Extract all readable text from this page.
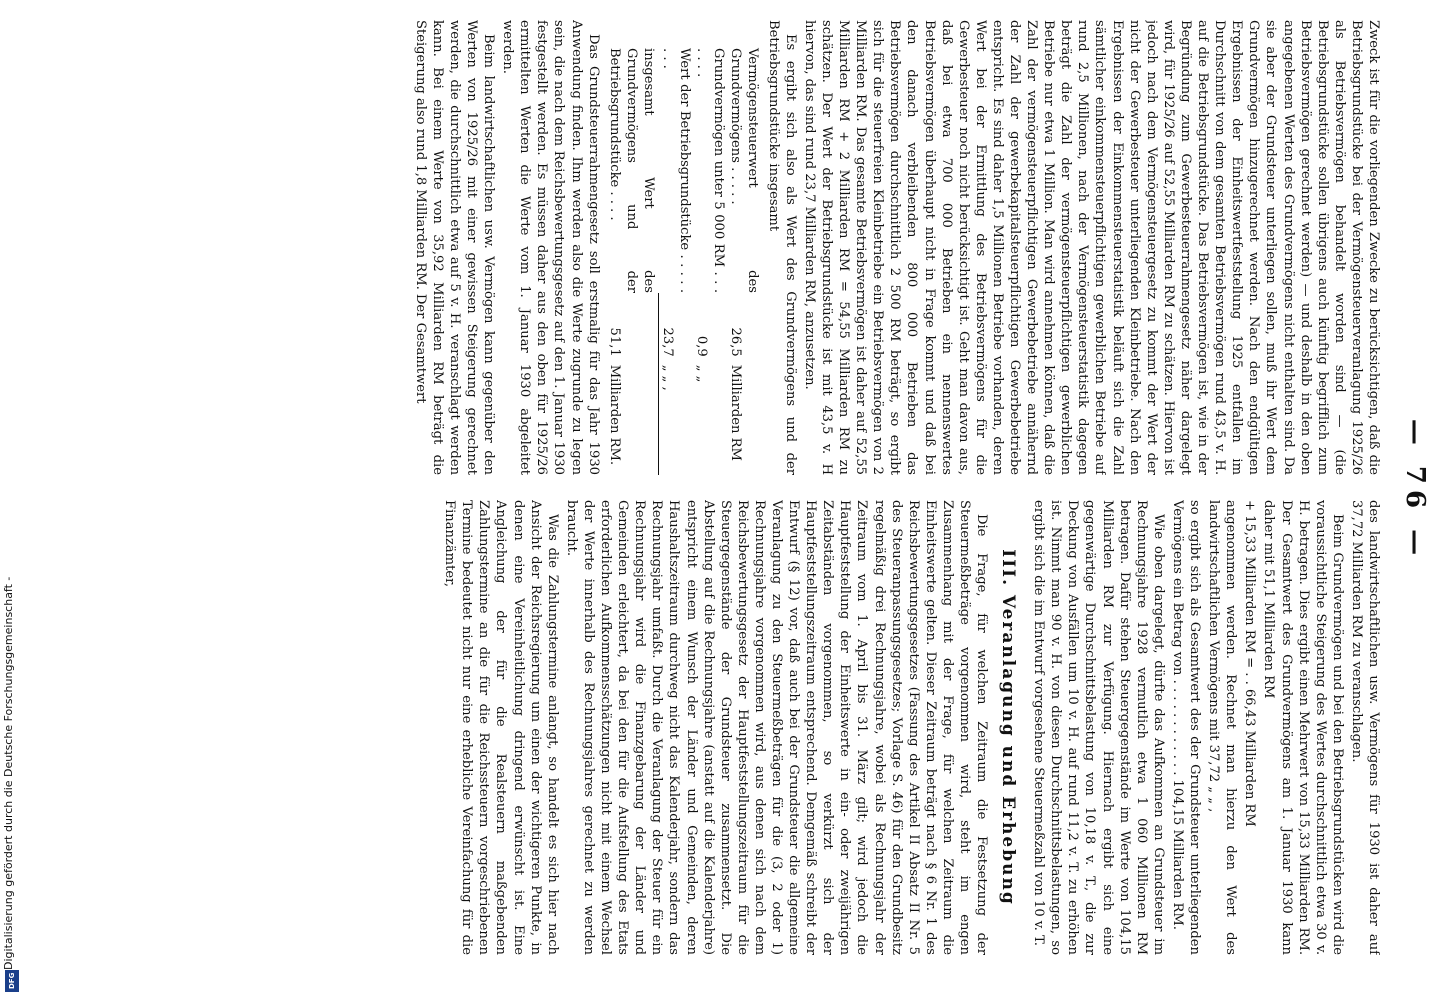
— 76 —

Zweck ist für die vorliegenden Zwecke zu berücksichtigen, daß die Betriebsgrundstücke bei der Vermögensteuerveranlagung 1925/26 als Betriebsvermögen behandelt worden sind — (die Betriebsgrundstücke sollen übrigens auch künftig begrifflich zum Betriebsvermögen gerechnet werden) — und deshalb in den oben angegebenen Werten des Grundvermögens nicht enthalten sind. Da sie aber der Grundsteuer unterliegen sollen, muß ihr Wert dem Grundvermögen hinzugerechnet werden. Nach den endgültigen Ergebnissen der Einheitswertfeststellung 1925 entfallen im Durchschnitt von dem gesamten Betriebsvermögen rund 43,5 v. H. auf die Betriebsgrundstücke. Das Betriebsvermögen ist, wie in der Begründung zum Gewerbesteuerrahmengesetz näher dargelegt wird, für 1925/26 auf 52,55 Milliarden RM zu schätzen. Hiervon ist jedoch nach dem Vermögensteuergesetz zu kommt der Wert der nicht der Gewerbesteuer unterliegenden Kleinbetriebe. Nach den Ergebnissen der Einkommensteuerstatistik beläuft sich die Zahl sämtlicher einkommensteuerpflichtigen gewerblichen Betriebe auf rund 2,5 Millionen, nach der Vermögensteuerstatistik dagegen beträgt die Zahl der vermögensteuerpflichtigen gewerblichen Betriebe nur etwa 1 Million. Man wird annehmen können, daß die Zahl der vermögensteuerpflichtigen Gewerbebetriebe annähernd der Zahl der gewerbekapitalsteuerpflichtigen Gewerbebetriebe entspricht. Es sind daher 1,5 Millionen Betriebe vorhanden, deren Wert bei der Ermittlung des Betriebsvermögens für die Gewerbesteuer noch nicht berücksichtigt ist. Geht man davon aus, daß bei etwa 700 000 Betrieben ein nennenswertes Betriebsvermögen überhaupt nicht in Frage kommt und daß bei den danach verbleibenden 800 000 Betrieben das Betriebsvermögen durchschnittlich 2 500 RM beträgt, so ergibt sich für die steuerfreien Kleinbetriebe ein Betriebsvermögen von 2 Milliarden RM. Das gesamte Betriebsvermögen ist daher auf 52,55 Milliarden RM + 2 Milliarden RM = 54,55 Milliarden RM zu schätzen. Der Wert der Betriebsgrundstücke ist mit 43,5 v. H hiervon, das sind rund 23,7 Milliarden RM, anzusetzen.

Es ergibt sich also als Wert des Grundvermögens und der Betriebsgrundstücke insgesamt

Vermögensteuerwert des Grundvermögens . . . . .	26,5	Milliarden RM
Grundvermögen unter 5 000 RM . . . . . . .	0,9	„ „
Wert der Betriebsgrundstücke . . . . . . . .	23,7	„ „ ,
insgesamt Wert des Grundvermögens und der Betriebsgrundstücke . . . .	51,1	Milliarden RM.

Das Grundsteuerrahmengesetz soll erstmalig für das Jahr 1930 Anwendung finden. Ihm werden also die Werte zugrunde zu legen sein, die nach dem Reichsbewertungsgesetz auf den 1. Januar 1930 festgestellt werden. Es müssen daher aus den oben für 1925/26 ermittelten Werten die Werte vom 1. Januar 1930 abgeleitet werden.

Beim landwirtschaftlichen usw. Vermögen kann gegenüber den Werten von 1925/26 mit einer gewissen Steigerung gerechnet werden, die durchschnittlich etwa auf 5 v. H. veranschlagt werden kann. Bei einem Werte von 35,92 Milliarden RM beträgt die Steigerung also rund 1,8 Milliarden RM. Der Gesamtwert

des landwirtschaftlichen usw. Vermögens für 1930 ist daher auf 37,72 Milliarden RM zu veranschlagen.

Beim Grundvermögen und bei den Betriebsgrundstücken wird die voraussichtliche Steigerung des Wertes durchschnittlich etwa 30 v. H. betragen. Dies ergibt einen Mehrwert von 15,33 Milliarden RM. Der Gesamtwert des Grundvermögens am 1. Januar 1930 kann daher mit 51,1 Milliarden RM

+ 15,33 Milliarden RM = . . 66,43 Milliarden RM

angenommen werden. Rechnet man hierzu den Wert des landwirtschaftlichen Vermögens mit 37,72 „ „ ,

so ergibt sich als Gesamtwert des der Grundsteuer unterliegenden Vermögens ein Betrag von . . . . . . . . . . . . 104,15 Milliarden RM.

Wie oben dargelegt, dürfte das Aufkommen an Grundsteuer im Rechnungsjahre 1928 vermutlich etwa 1 060 Millionen RM betragen. Dafür stehen Steuergegenstände im Werte von 104,15 Milliarden RM zur Verfügung. Hiernach ergibt sich eine gegenwärtige Durchschnittsbelastung von 10,18 v. T., die zur Deckung von Ausfällen um 10 v. H. auf rund 11,2 v. T. zu erhöhen ist. Nimmt man 90 v. H. von diesen Durchschnittsbelastungen, so ergibt sich die im Entwurf vorgesehene Steuermeßzahl von 10 v. T.

III. Veranlagung und Erhebung

Die Frage, für welchen Zeitraum die Festsetzung der Steuermeßbeträge vorgenommen wird, steht im engen Zusammenhang mit der Frage, für welchen Zeitraum die Einheitswerte gelten. Dieser Zeitraum beträgt nach § 6 Nr. 1 des Reichsbewertungsgesetzes (Fassung des Artikel II Absatz II Nr. 5 des Steueranpassungsgesetzes; Vorlage S. 46) für den Grundbesitz regelmäßig drei Rechnungsjahre, wobei als Rechnungsjahr der Zeitraum vom 1. April bis 31. März gilt; wird jedoch die Hauptfeststellung der Einheitswerte in ein- oder zweijährigen Zeitabständen vorgenommen, so verkürzt sich der Hauptfeststellungszeitraum entsprechend. Demgemäß schreibt der Entwurf (§ 12) vor, daß auch bei der Grundsteuer die allgemeine Veranlagung zu den Steuermeßbeträgen für die (3, 2 oder 1) Rechnungsjahre vorgenommen wird, aus denen sich nach dem Reichsbewertungsgesetz der Hauptfeststellungszeitraum für die Steuergegenstände der Grundsteuer zusammensetzt. Die Abstellung auf die Rechnungsjahre (anstatt auf die Kalenderjahre) entspricht einem Wunsch der Länder und Gemeinden, deren Haushaltszeitraum durchweg nicht das Kalenderjahr, sondern das Rechnungsjahr umfaßt. Durch die Veranlagung der Steuer für ein Rechnungsjahr wird die Finanzgebarung der Länder und Gemeinden erleichtert, da bei den für die Aufstellung des Etats erforderlichen Aufkommensschätzungen nicht mit einem Wechsel der Werte innerhalb des Rechnungsjahres gerechnet zu werden braucht.

Was die Zahlungstermine anlangt, so handelt es sich hier nach Ansicht der Reichsregierung um einen der wichtigeren Punkte, in denen eine Vereinheitlichung dringend erwünscht ist. Eine Angleichung der für die Realsteuern maßgebenden Zahlungstermine an die für die Reichssteuern vorgeschriebenen Termine bedeutet nicht nur eine erhebliche Vereinfachung für die Finanzämter,

Digitalisierung gefördert durch die Deutsche Forschungsgemeinschaft -
DFG
